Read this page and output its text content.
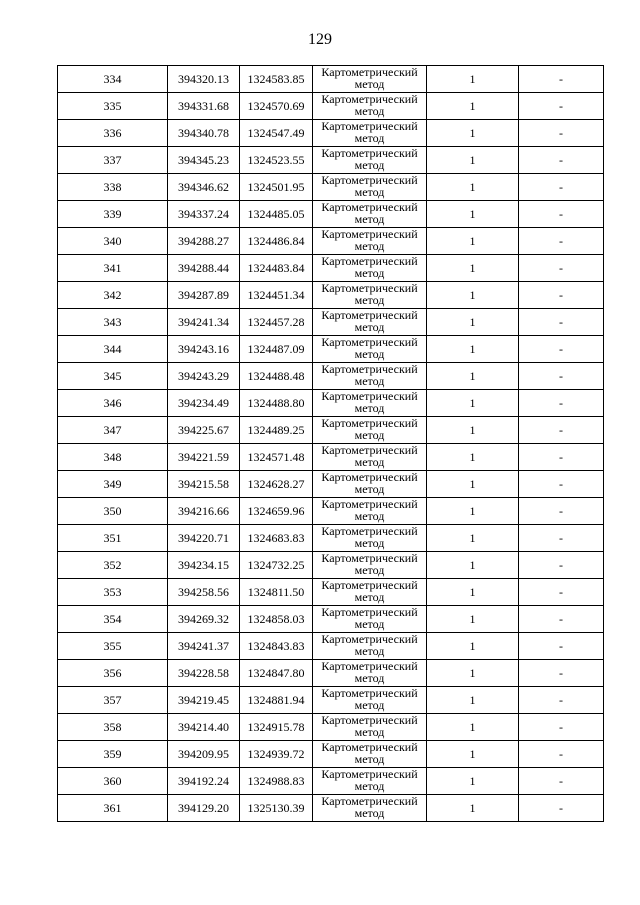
129
334	394320.13	1324583.85	Картометрический метод	1	-
335	394331.68	1324570.69	Картометрический метод	1	-
336	394340.78	1324547.49	Картометрический метод	1	-
337	394345.23	1324523.55	Картометрический метод	1	-
338	394346.62	1324501.95	Картометрический метод	1	-
339	394337.24	1324485.05	Картометрический метод	1	-
340	394288.27	1324486.84	Картометрический метод	1	-
341	394288.44	1324483.84	Картометрический метод	1	-
342	394287.89	1324451.34	Картометрический метод	1	-
343	394241.34	1324457.28	Картометрический метод	1	-
344	394243.16	1324487.09	Картометрический метод	1	-
345	394243.29	1324488.48	Картометрический метод	1	-
346	394234.49	1324488.80	Картометрический метод	1	-
347	394225.67	1324489.25	Картометрический метод	1	-
348	394221.59	1324571.48	Картометрический метод	1	-
349	394215.58	1324628.27	Картометрический метод	1	-
350	394216.66	1324659.96	Картометрический метод	1	-
351	394220.71	1324683.83	Картометрический метод	1	-
352	394234.15	1324732.25	Картометрический метод	1	-
353	394258.56	1324811.50	Картометрический метод	1	-
354	394269.32	1324858.03	Картометрический метод	1	-
355	394241.37	1324843.83	Картометрический метод	1	-
356	394228.58	1324847.80	Картометрический метод	1	-
357	394219.45	1324881.94	Картометрический метод	1	-
358	394214.40	1324915.78	Картометрический метод	1	-
359	394209.95	1324939.72	Картометрический метод	1	-
360	394192.24	1324988.83	Картометрический метод	1	-
361	394129.20	1325130.39	Картометрический метод	1	-
